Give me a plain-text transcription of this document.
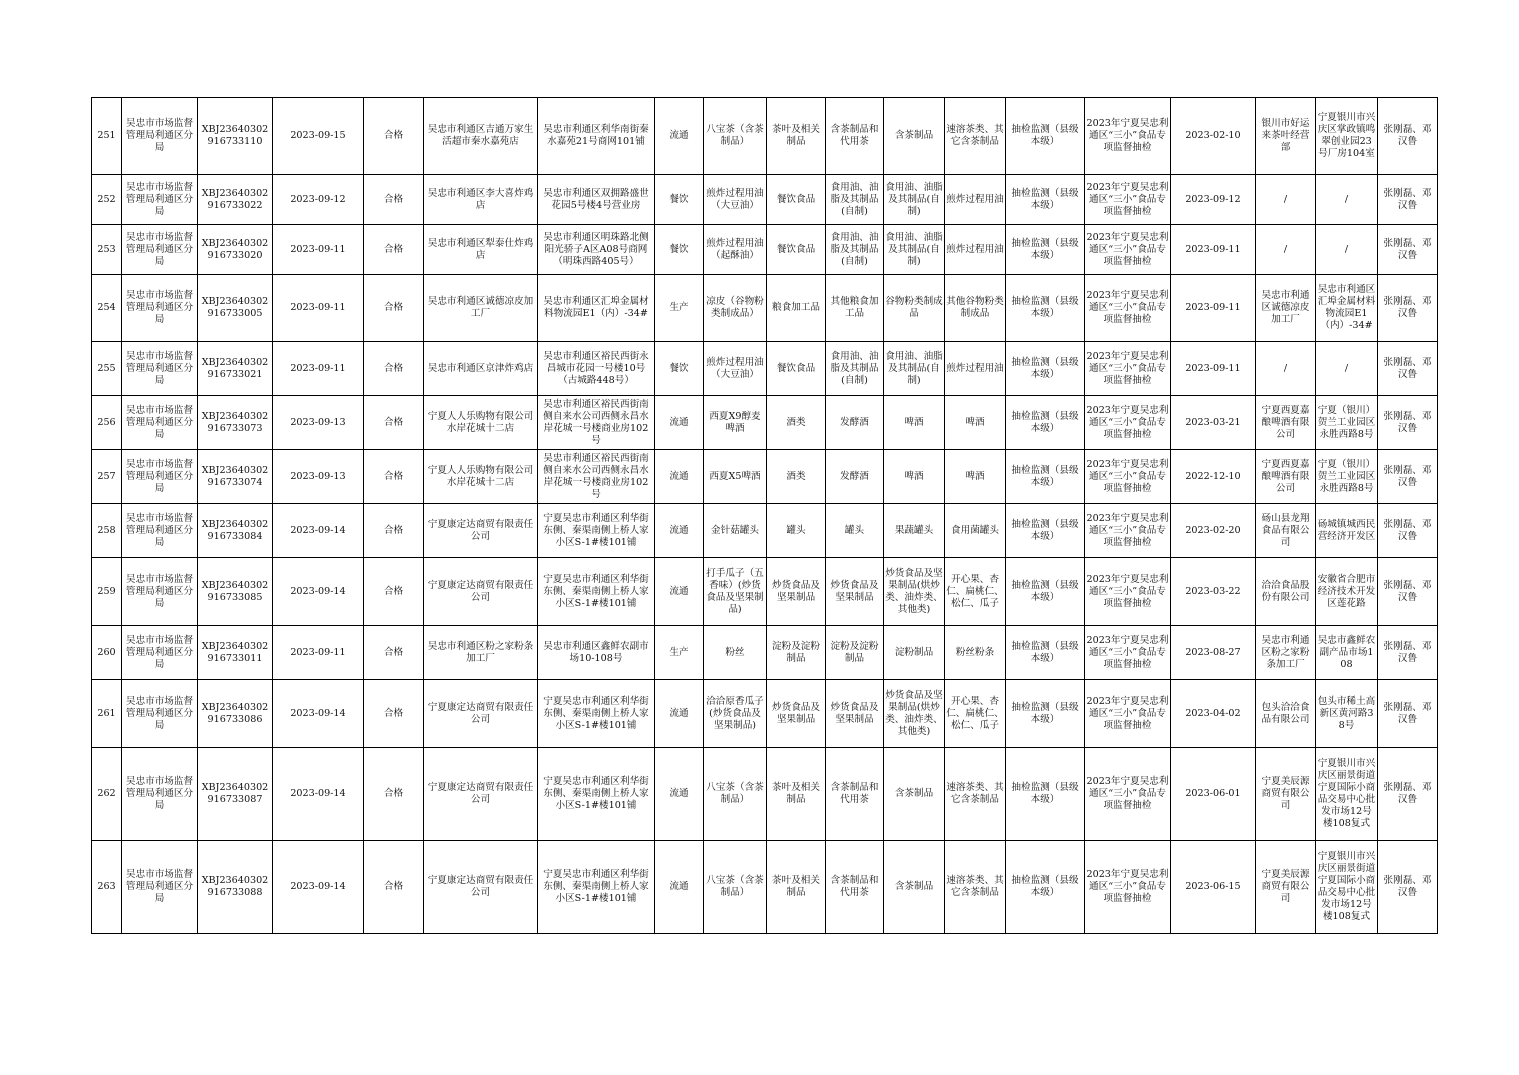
251	吴忠市市场监督管理局利通区分局	XBJ23640302916733110	2023-09-15	合格	吴忠市利通区吉通万家生活超市秦水嘉苑店	吴忠市利通区利华南街秦水嘉苑21号商网101铺	流通	八宝茶（含茶制品）	茶叶及相关制品	含茶制品和代用茶	含茶制品	速溶茶类、其它含茶制品	抽检监测（县级本级）	2023年宁夏吴忠利通区“三小”食品专项监督抽检	2023-02-10	银川市好运来茶叶经营部	宁夏银川市兴庆区掌政镇鸣翠创业园23号厂房104室	张刚磊、邓汉鲁
252	吴忠市市场监督管理局利通区分局	XBJ23640302916733022	2023-09-12	合格	吴忠市利通区李大喜炸鸡店	吴忠市利通区双拥路盛世花园5号楼4号营业房	餐饮	煎炸过程用油（大豆油）	餐饮食品	食用油、油脂及其制品(自制)	食用油、油脂及其制品(自制)	煎炸过程用油	抽检监测（县级本级）	2023年宁夏吴忠利通区“三小”食品专项监督抽检	2023-09-12	/	/	张刚磊、邓汉鲁
253	吴忠市市场监督管理局利通区分局	XBJ23640302916733020	2023-09-11	合格	吴忠市利通区犁泰仕炸鸡店	吴忠市利通区明珠路北侧阳光骄子A区A08号商网（明珠西路405号）	餐饮	煎炸过程用油（起酥油）	餐饮食品	食用油、油脂及其制品(自制)	食用油、油脂及其制品(自制)	煎炸过程用油	抽检监测（县级本级）	2023年宁夏吴忠利通区“三小”食品专项监督抽检	2023-09-11	/	/	张刚磊、邓汉鲁
254	吴忠市市场监督管理局利通区分局	XBJ23640302916733005	2023-09-11	合格	吴忠市利通区诚德凉皮加工厂	吴忠市利通区汇埠金属材料物流园E1（内）-34#	生产	凉皮（谷物粉类制成品）	粮食加工品	其他粮食加工品	谷物粉类制成品	其他谷物粉类制成品	抽检监测（县级本级）	2023年宁夏吴忠利通区“三小”食品专项监督抽检	2023-09-11	吴忠市利通区诚德凉皮加工厂	吴忠市利通区汇埠金属材料物流园E1（内）-34#	张刚磊、邓汉鲁
255	吴忠市市场监督管理局利通区分局	XBJ23640302916733021	2023-09-11	合格	吴忠市利通区京津炸鸡店	吴忠市利通区裕民西街永昌城市花园一号楼10号（古城路448号）	餐饮	煎炸过程用油（大豆油）	餐饮食品	食用油、油脂及其制品(自制)	食用油、油脂及其制品(自制)	煎炸过程用油	抽检监测（县级本级）	2023年宁夏吴忠利通区“三小”食品专项监督抽检	2023-09-11	/	/	张刚磊、邓汉鲁
256	吴忠市市场监督管理局利通区分局	XBJ23640302916733073	2023-09-13	合格	宁夏人人乐购物有限公司水岸花城十二店	吴忠市利通区裕民西街南侧自来水公司西侧永昌水岸花城一号楼商业房102号	流通	西夏X9醇麦啤酒	酒类	发酵酒	啤酒	啤酒	抽检监测（县级本级）	2023年宁夏吴忠利通区“三小”食品专项监督抽检	2023-03-21	宁夏西夏嘉酿啤酒有限公司	宁夏（银川）贺兰工业园区永胜西路8号	张刚磊、邓汉鲁
257	吴忠市市场监督管理局利通区分局	XBJ23640302916733074	2023-09-13	合格	宁夏人人乐购物有限公司水岸花城十二店	吴忠市利通区裕民西街南侧自来水公司西侧永昌水岸花城一号楼商业房102号	流通	西夏X5啤酒	酒类	发酵酒	啤酒	啤酒	抽检监测（县级本级）	2023年宁夏吴忠利通区“三小”食品专项监督抽检	2022-12-10	宁夏西夏嘉酿啤酒有限公司	宁夏（银川）贺兰工业园区永胜西路8号	张刚磊、邓汉鲁
258	吴忠市市场监督管理局利通区分局	XBJ23640302916733084	2023-09-14	合格	宁夏康定达商贸有限责任公司	宁夏吴忠市利通区利华街东侧、秦渠南侧上桥人家小区S-1#楼101铺	流通	金针菇罐头	罐头	罐头	果蔬罐头	食用菌罐头	抽检监测（县级本级）	2023年宁夏吴忠利通区“三小”食品专项监督抽检	2023-02-20	砀山县龙翔食品有限公司	砀城镇城西民营经济开发区	张刚磊、邓汉鲁
259	吴忠市市场监督管理局利通区分局	XBJ23640302916733085	2023-09-14	合格	宁夏康定达商贸有限责任公司	宁夏吴忠市利通区利华街东侧、秦渠南侧上桥人家小区S-1#楼101铺	流通	打手瓜子（五香味）(炒货食品及坚果制品)	炒货食品及坚果制品	炒货食品及坚果制品	炒货食品及坚果制品(烘炒类、油炸类、其他类)	开心果、杏仁、扁桃仁、松仁、瓜子	抽检监测（县级本级）	2023年宁夏吴忠利通区“三小”食品专项监督抽检	2023-03-22	洽洽食品股份有限公司	安徽省合肥市经济技术开发区莲花路	张刚磊、邓汉鲁
260	吴忠市市场监督管理局利通区分局	XBJ23640302916733011	2023-09-11	合格	吴忠市利通区粉之家粉条加工厂	吴忠市利通区鑫鲜农副市场10-108号	生产	粉丝	淀粉及淀粉制品	淀粉及淀粉制品	淀粉制品	粉丝粉条	抽检监测（县级本级）	2023年宁夏吴忠利通区“三小”食品专项监督抽检	2023-08-27	吴忠市利通区粉之家粉条加工厂	吴忠市鑫鲜农副产品市场108	张刚磊、邓汉鲁
261	吴忠市市场监督管理局利通区分局	XBJ23640302916733086	2023-09-14	合格	宁夏康定达商贸有限责任公司	宁夏吴忠市利通区利华街东侧、秦渠南侧上桥人家小区S-1#楼101铺	流通	洽洽原香瓜子(炒货食品及坚果制品)	炒货食品及坚果制品	炒货食品及坚果制品	炒货食品及坚果制品(烘炒类、油炸类、其他类)	开心果、杏仁、扁桃仁、松仁、瓜子	抽检监测（县级本级）	2023年宁夏吴忠利通区“三小”食品专项监督抽检	2023-04-02	包头洽洽食品有限公司	包头市稀土高新区黄河路38号	张刚磊、邓汉鲁
262	吴忠市市场监督管理局利通区分局	XBJ23640302916733087	2023-09-14	合格	宁夏康定达商贸有限责任公司	宁夏吴忠市利通区利华街东侧、秦渠南侧上桥人家小区S-1#楼101铺	流通	八宝茶（含茶制品）	茶叶及相关制品	含茶制品和代用茶	含茶制品	速溶茶类、其它含茶制品	抽检监测（县级本级）	2023年宁夏吴忠利通区“三小”食品专项监督抽检	2023-06-01	宁夏美辰源商贸有限公司	宁夏银川市兴庆区丽景街道宁夏国际小商品交易中心批发市场12号楼108复式	张刚磊、邓汉鲁
263	吴忠市市场监督管理局利通区分局	XBJ23640302916733088	2023-09-14	合格	宁夏康定达商贸有限责任公司	宁夏吴忠市利通区利华街东侧、秦渠南侧上桥人家小区S-1#楼101铺	流通	八宝茶（含茶制品）	茶叶及相关制品	含茶制品和代用茶	含茶制品	速溶茶类、其它含茶制品	抽检监测（县级本级）	2023年宁夏吴忠利通区“三小”食品专项监督抽检	2023-06-15	宁夏美辰源商贸有限公司	宁夏银川市兴庆区丽景街道宁夏国际小商品交易中心批发市场12号楼108复式	张刚磊、邓汉鲁
